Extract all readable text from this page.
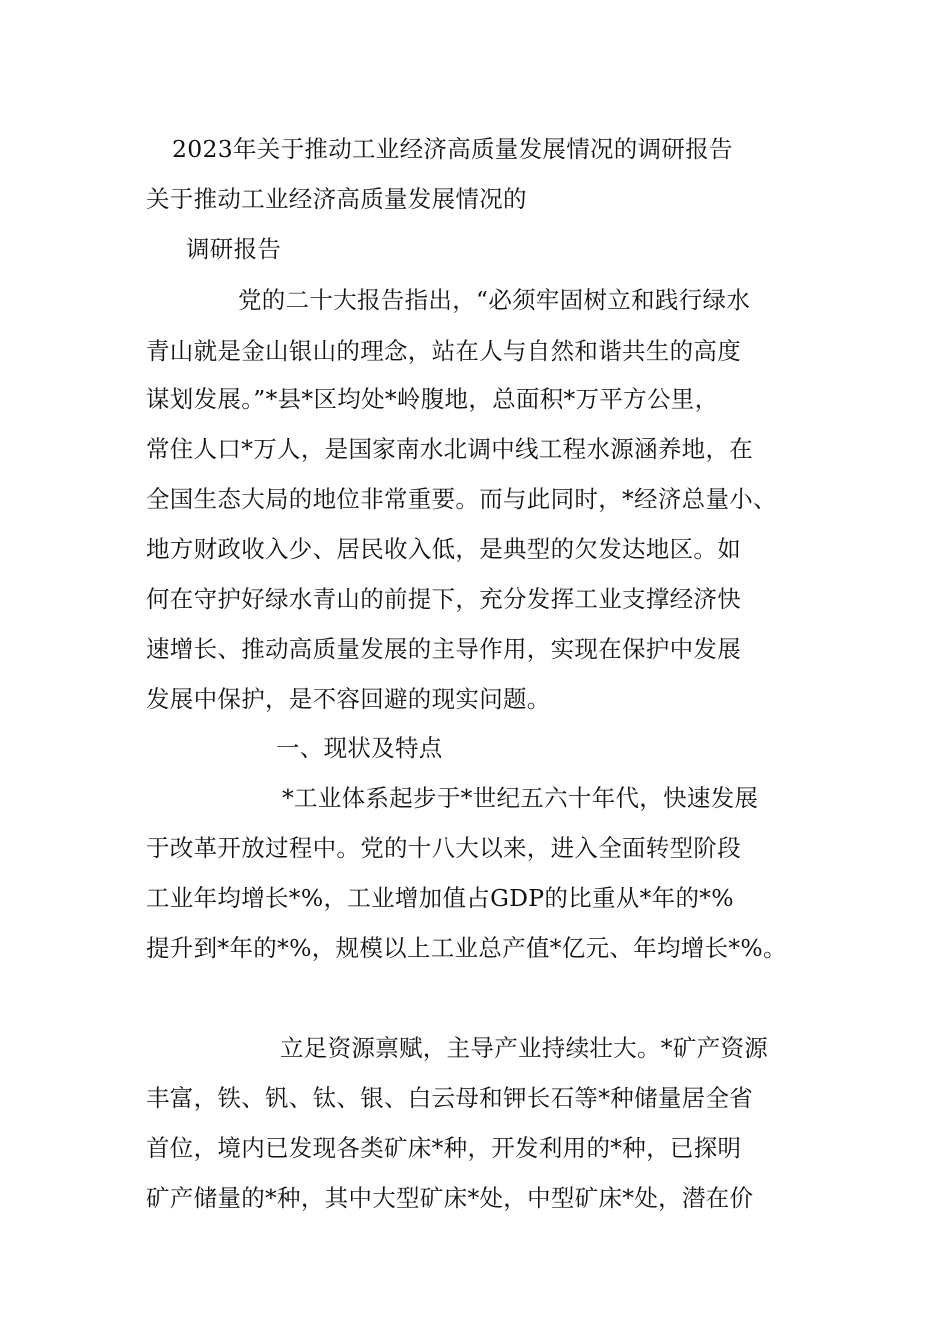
2023年关于推动工业经济高质量发展情况的调研报告
关于推动工业经济高质量发展情况的
调研报告
党的二十大报告指出，“必须牢固树立和践行绿水
青山就是金山银山的理念，站在人与自然和谐共生的高度
谋划发展。”*县*区均处*岭腹地，总面积*万平方公里，
常住人口*万人，是国家南水北调中线工程水源涵养地，在
全国生态大局的地位非常重要。而与此同时，*经济总量小、
地方财政收入少、居民收入低，是典型的欠发达地区。如
何在守护好绿水青山的前提下，充分发挥工业支撑经济快
速增长、推动高质量发展的主导作用，实现在保护中发展
发展中保护，是不容回避的现实问题。
一、现状及特点
*工业体系起步于*世纪五六十年代，快速发展
于改革开放过程中。党的十八大以来，进入全面转型阶段
工业年均增长*%，工业增加值占GDP的比重从*年的*%
提升到*年的*%，规模以上工业总产值*亿元、年均增长*%。
立足资源禀赋，主导产业持续壮大。*矿产资源
丰富，铁、钒、钛、银、白云母和钾长石等*种储量居全省
首位，境内已发现各类矿床*种，开发利用的*种，已探明
矿产储量的*种，其中大型矿床*处，中型矿床*处，潜在价
